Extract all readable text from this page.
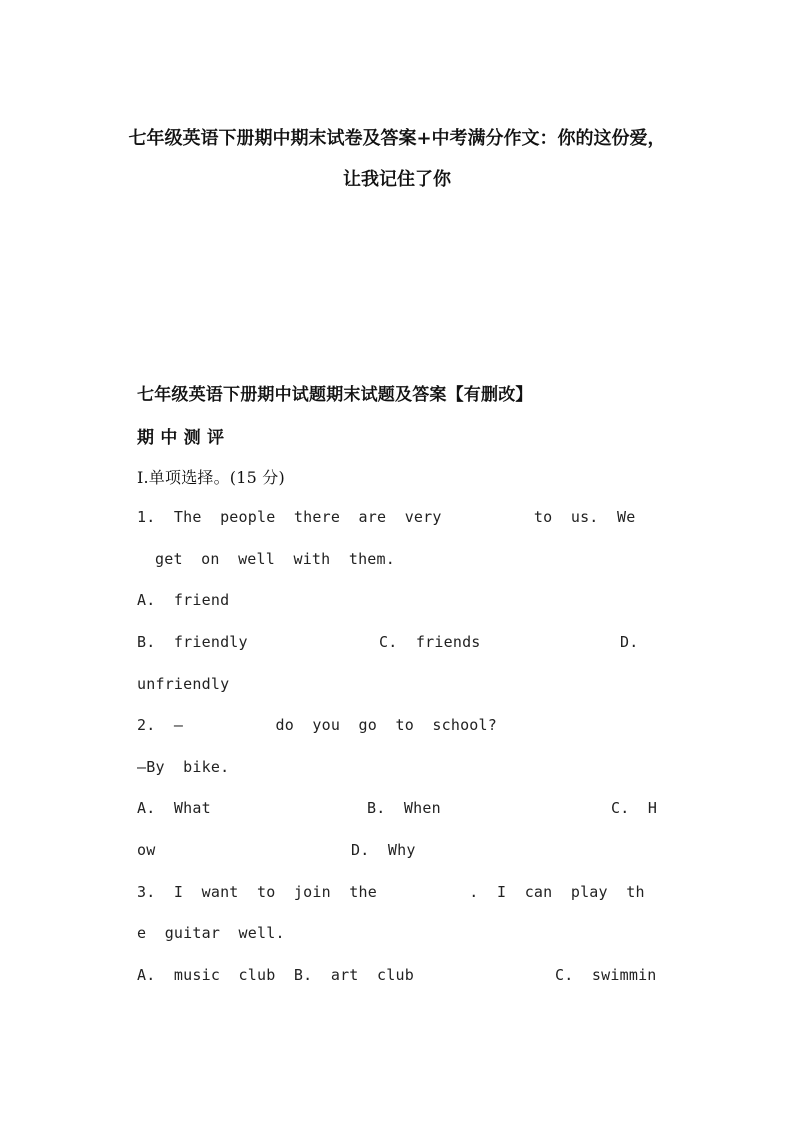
七年级英语下册期中期末试卷及答案+中考满分作文：你的这份爱，
让我记住了你
七年级英语下册期中试题期末试题及答案【有删改】
期 中 测 评
Ⅰ.单项选择。(15 分)
1.  The  people  there  are  very          to  us.  We
get  on  well  with  them.
A.  friend
B.  friendly	C.  friends	D.
unfriendly
2.  —          do  you  go  to  school?
—By  bike.
A.  What	B.  When	C.  H
ow	D.  Why
3.  I  want  to  join  the          .  I  can  play  th
e  guitar  well.
A.  music  club  B.  art  club	C.  swimmin
